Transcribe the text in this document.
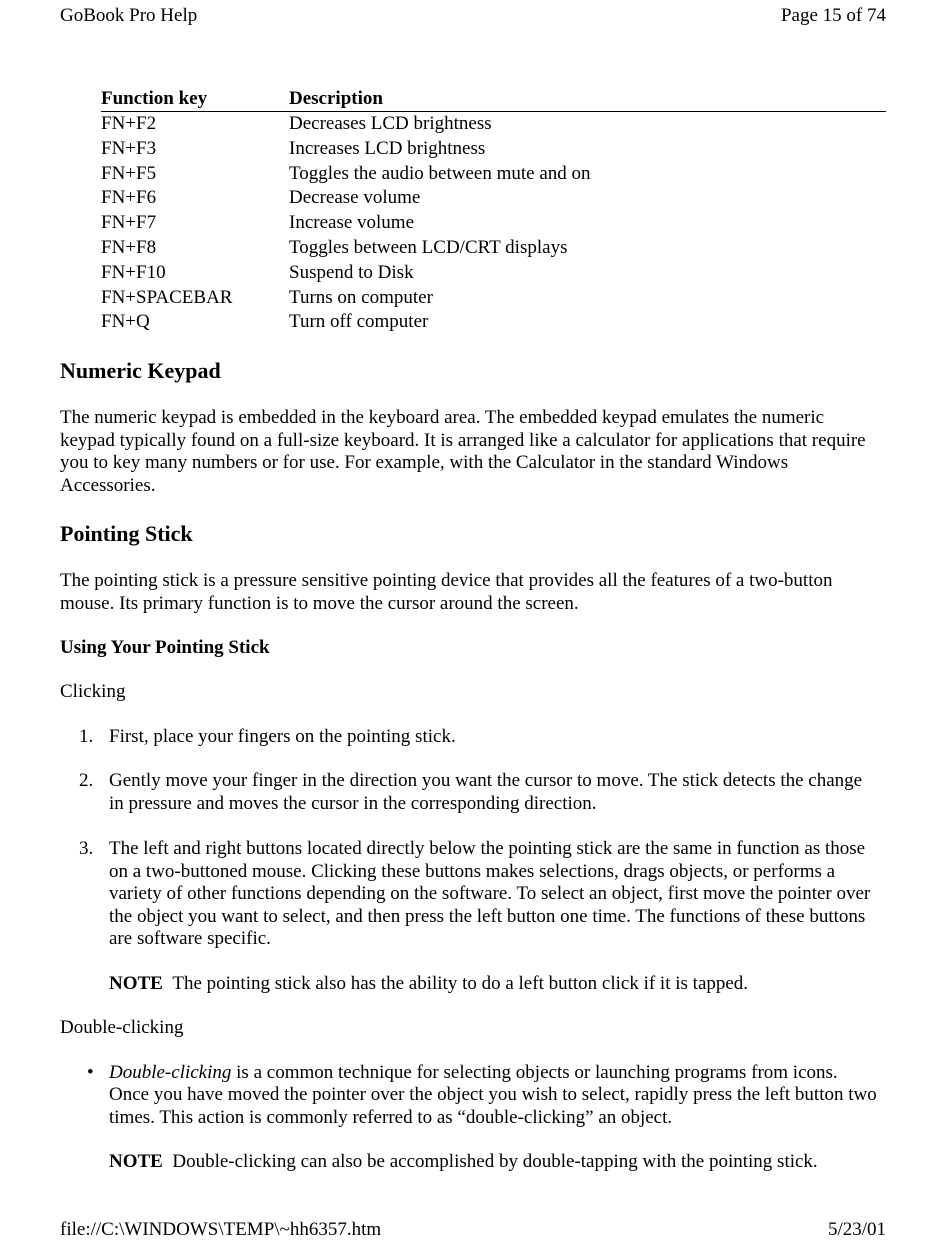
GoBook Pro Help	Page 15 of 74
Function key	Description
FN+F2	Decreases LCD brightness
FN+F3	Increases LCD brightness
FN+F5	Toggles the audio between mute and on
FN+F6	Decrease volume
FN+F7	Increase volume
FN+F8	Toggles between LCD/CRT displays
FN+F10	Suspend to Disk
FN+SPACEBAR	Turns on computer
FN+Q	Turn off computer
Numeric Keypad

The numeric keypad is embedded in the keyboard area. The embedded keypad emulates the numeric keypad typically found on a full-size keyboard. It is arranged like a calculator for applications that require you to key many numbers or for use. For example, with the Calculator in the standard Windows Accessories.

Pointing Stick

The pointing stick is a pressure sensitive pointing device that provides all the features of a two-button mouse. Its primary function is to move the cursor around the screen.

Using Your Pointing Stick

Clicking

1. First, place your fingers on the pointing stick.
2. Gently move your finger in the direction you want the cursor to move. The stick detects the change in pressure and moves the cursor in the corresponding direction.
3. The left and right buttons located directly below the pointing stick are the same in function as those on a two-buttoned mouse. Clicking these buttons makes selections, drags objects, or performs a variety of other functions depending on the software. To select an object, first move the pointer over the object you want to select, and then press the left button one time. The functions of these buttons are software specific.

NOTE The pointing stick also has the ability to do a left button click if it is tapped.

Double-clicking

• Double-clicking is a common technique for selecting objects or launching programs from icons. Once you have moved the pointer over the object you wish to select, rapidly press the left button two times. This action is commonly referred to as “double-clicking” an object.

NOTE Double-clicking can also be accomplished by double-tapping with the pointing stick.

file://C:\WINDOWS\TEMP\~hh6357.htm	5/23/01
